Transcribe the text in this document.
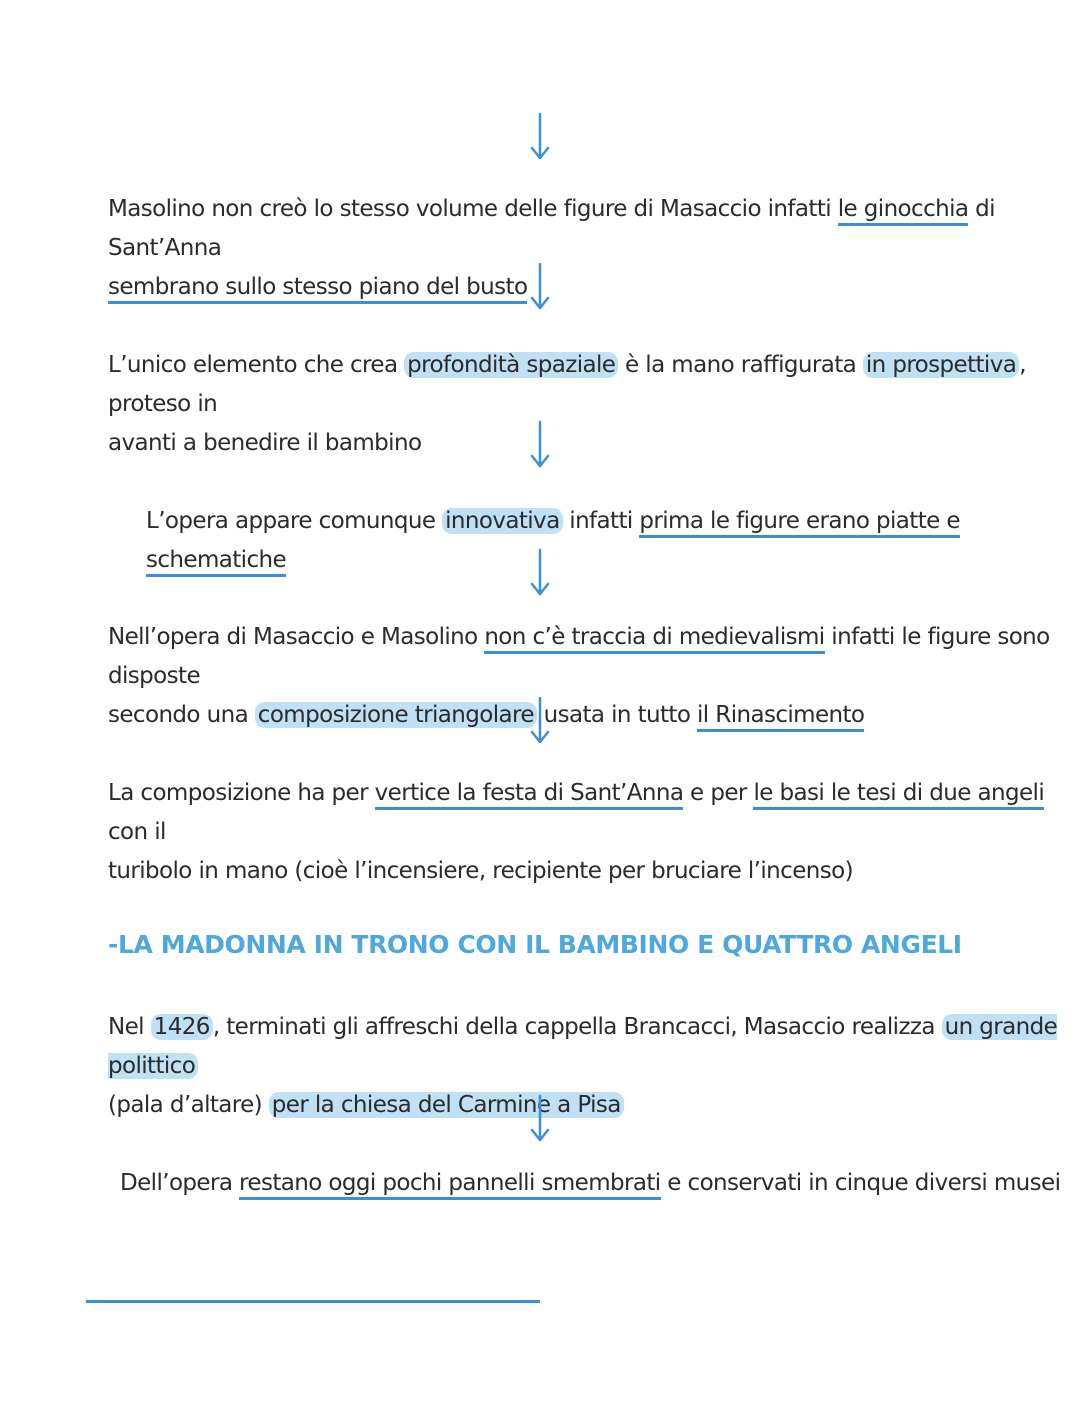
Masolino non creò lo stesso volume delle figure di Masaccio infatti le ginocchia di Sant’Anna
sembrano sullo stesso piano del busto
L’unico elemento che crea profondità spaziale è la mano raffigurata in prospettiva , proteso in
avanti a benedire il bambino
L’opera appare comunque innovativa infatti prima le figure erano piatte e schematiche
Nell’opera di Masaccio e Masolino non c’è traccia di medievalismi infatti le figure sono disposte
secondo una composizione triangolare usata in tutto il Rinascimento
La composizione ha per vertice la festa di Sant’Anna e per le basi le tesi di due angeli con il
turibolo in mano (cioè l’incensiere, recipiente per bruciare l’incenso)
-LA MADONNA IN TRONO CON IL BAMBINO E QUATTRO ANGELI
Nel 1426 , terminati gli affreschi della cappella Brancacci, Masaccio realizza un grande polittico
(pala d’altare) per la chiesa del Carmine a Pisa
Dell’opera restano oggi pochi pannelli smembrati e conservati in cinque diversi musei
